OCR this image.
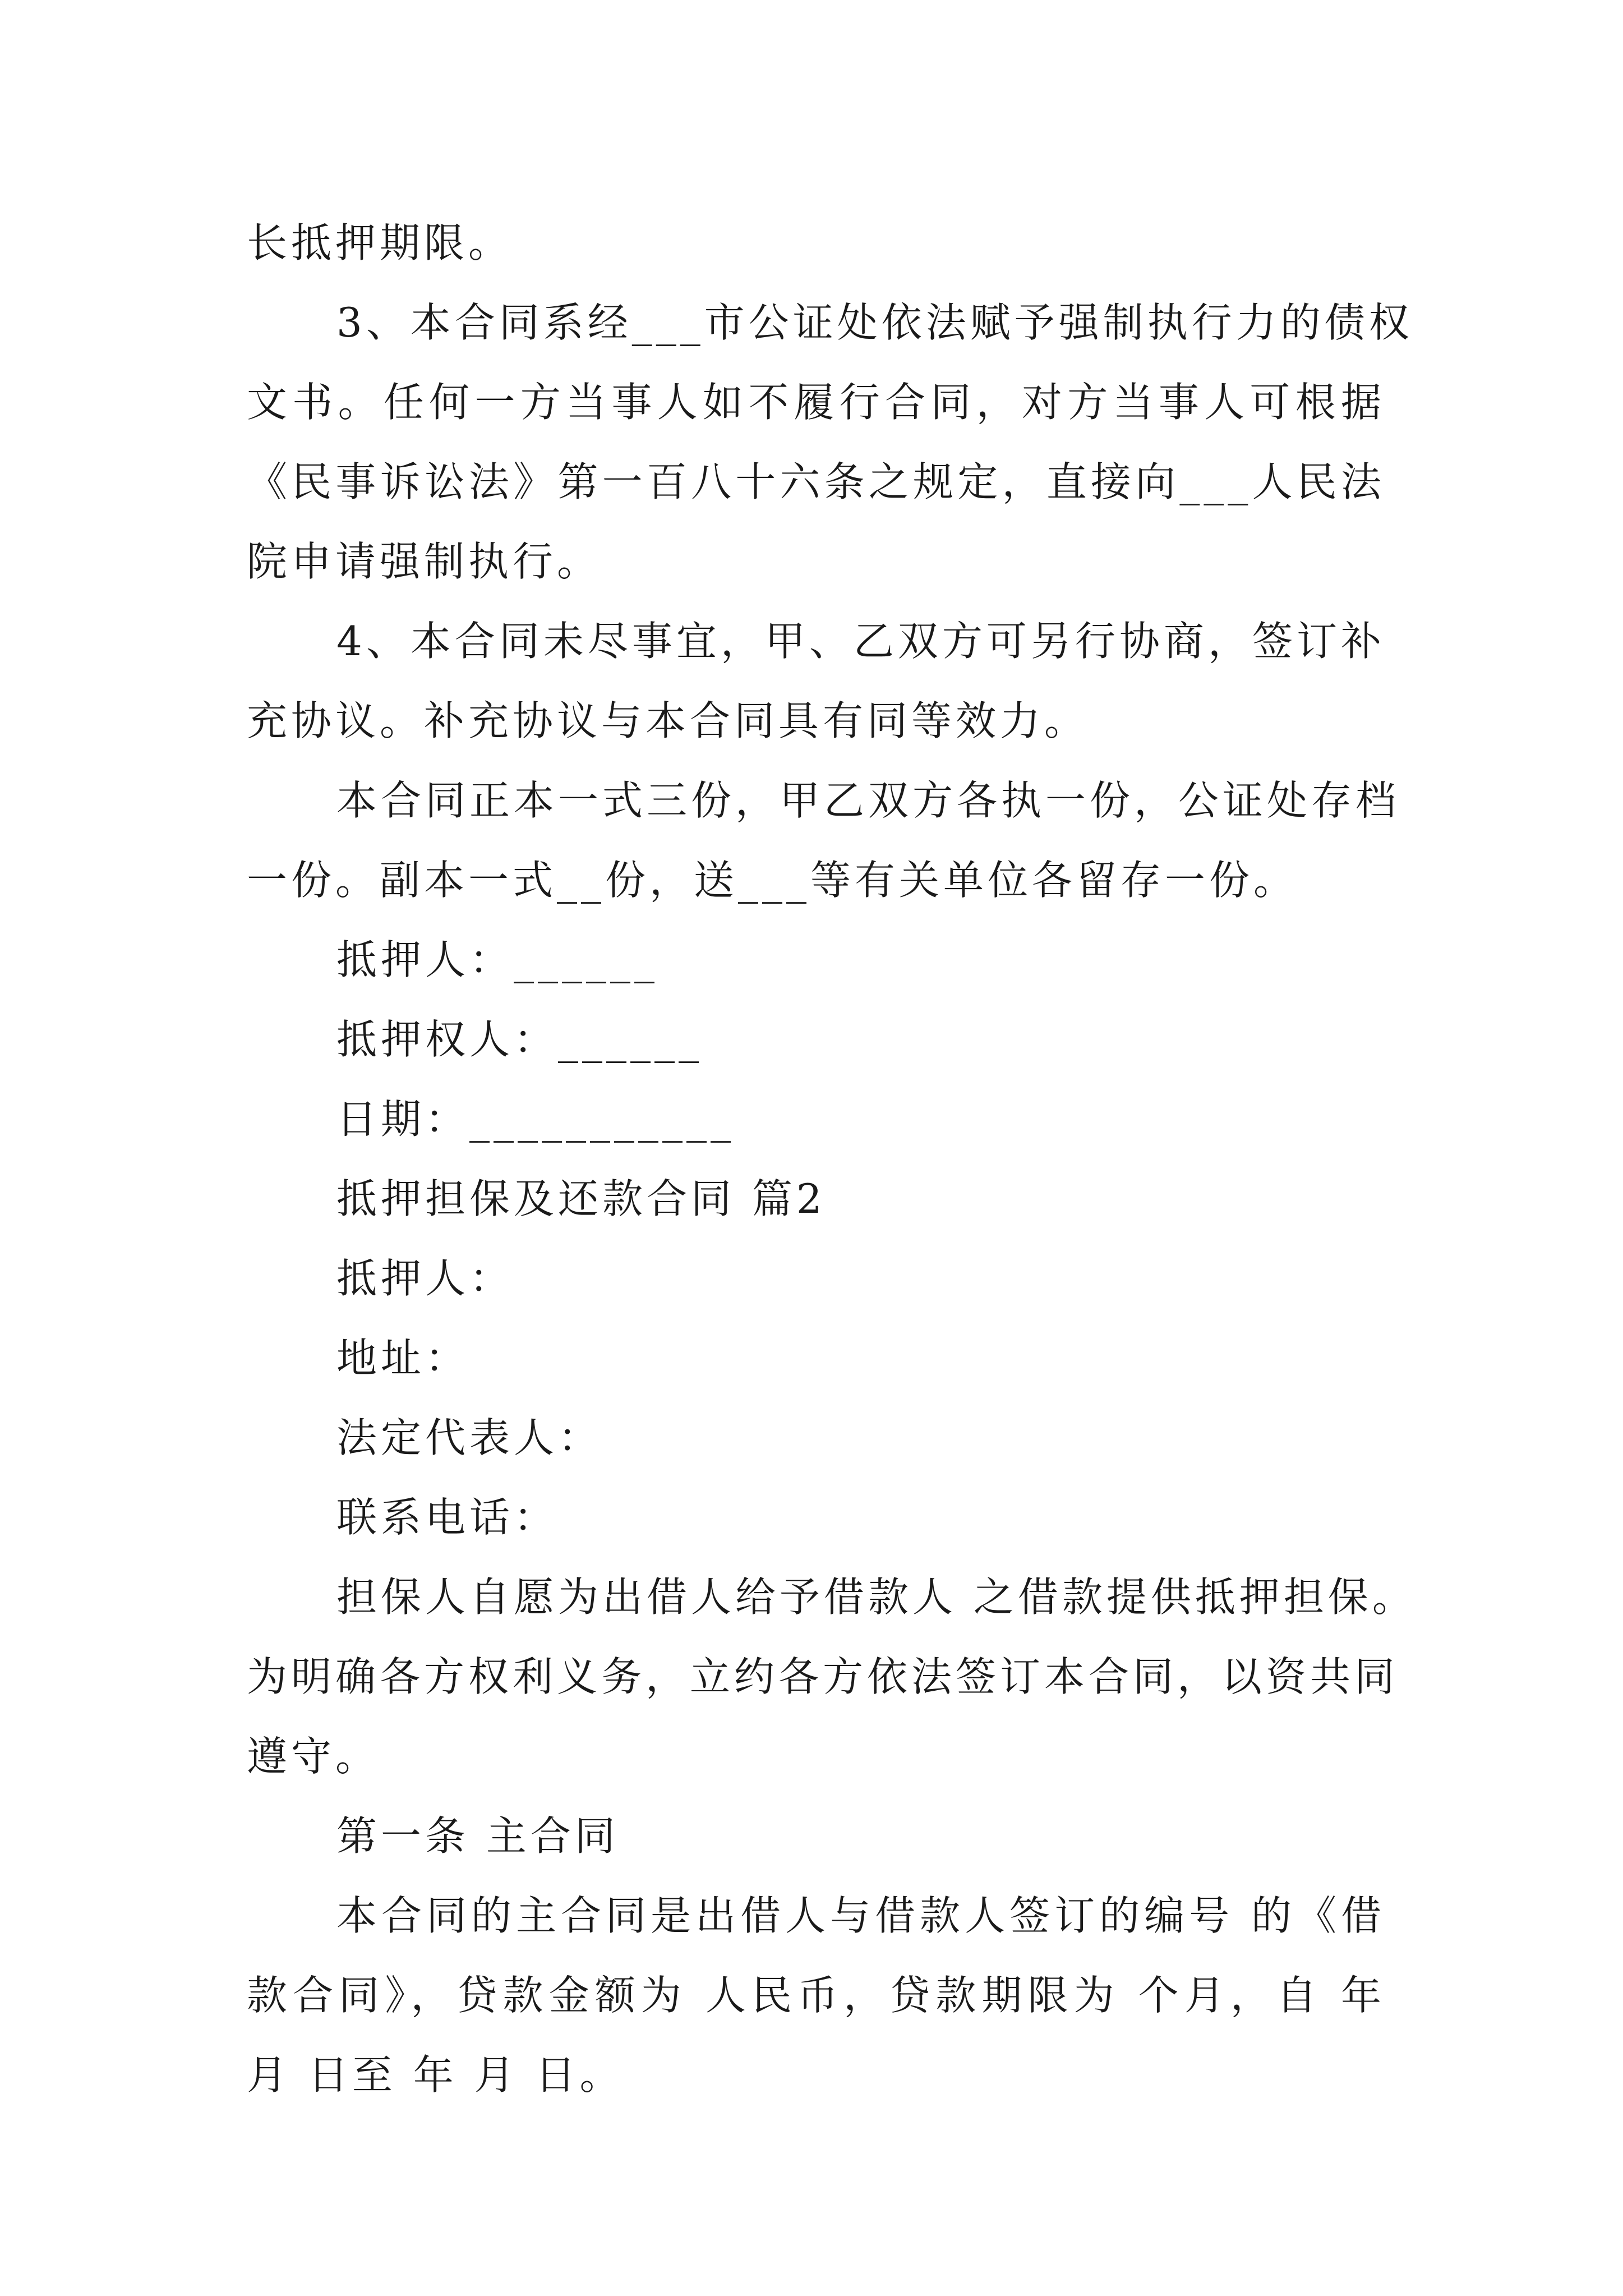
长抵押期限。

3、本合同系经___市公证处依法赋予强制执行力的债权

文书。任何一方当事人如不履行合同，对方当事人可根据

《民事诉讼法》第一百八十六条之规定，直接向___人民法

院申请强制执行。

4、本合同未尽事宜，甲、乙双方可另行协商，签订补

充协议。补充协议与本合同具有同等效力。

本合同正本一式三份，甲乙双方各执一份，公证处存档

一份。副本一式__份，送___等有关单位各留存一份。

抵押人：______

抵押权人：______

日期：___________

抵押担保及还款合同 篇2

抵押人：

地址：

法定代表人：

联系电话：

担保人自愿为出借人给予借款人 之借款提供抵押担保。

为明确各方权利义务，立约各方依法签订本合同，以资共同

遵守。

第一条 主合同

本合同的主合同是出借人与借款人签订的编号 的《借

款合同》，贷款金额为 人民币，贷款期限为 个月，自 年

月 日至 年 月 日。
